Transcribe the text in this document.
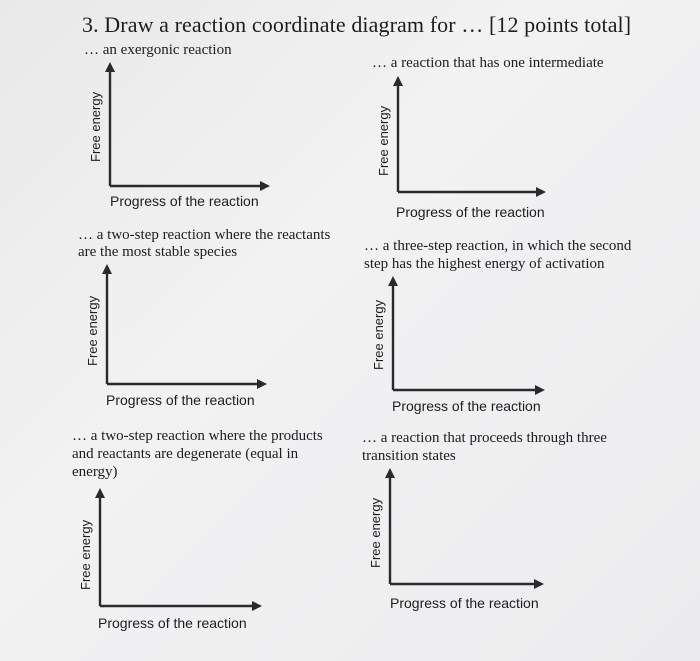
3. Draw a reaction coordinate diagram for … [12 points total]
… an exergonic reaction
Free energy
Progress of the reaction
… a reaction that has one intermediate
Free energy
Progress of the reaction
… a two-step reaction where the reactants
are the most stable species
Free energy
Progress of the reaction
… a three-step reaction, in which the second
step has the highest energy of activation
Free energy
Progress of the reaction
… a two-step reaction where the products
and reactants are degenerate (equal in
energy)
Free energy
Progress of the reaction
… a reaction that proceeds through three
transition states
Free energy
Progress of the reaction
